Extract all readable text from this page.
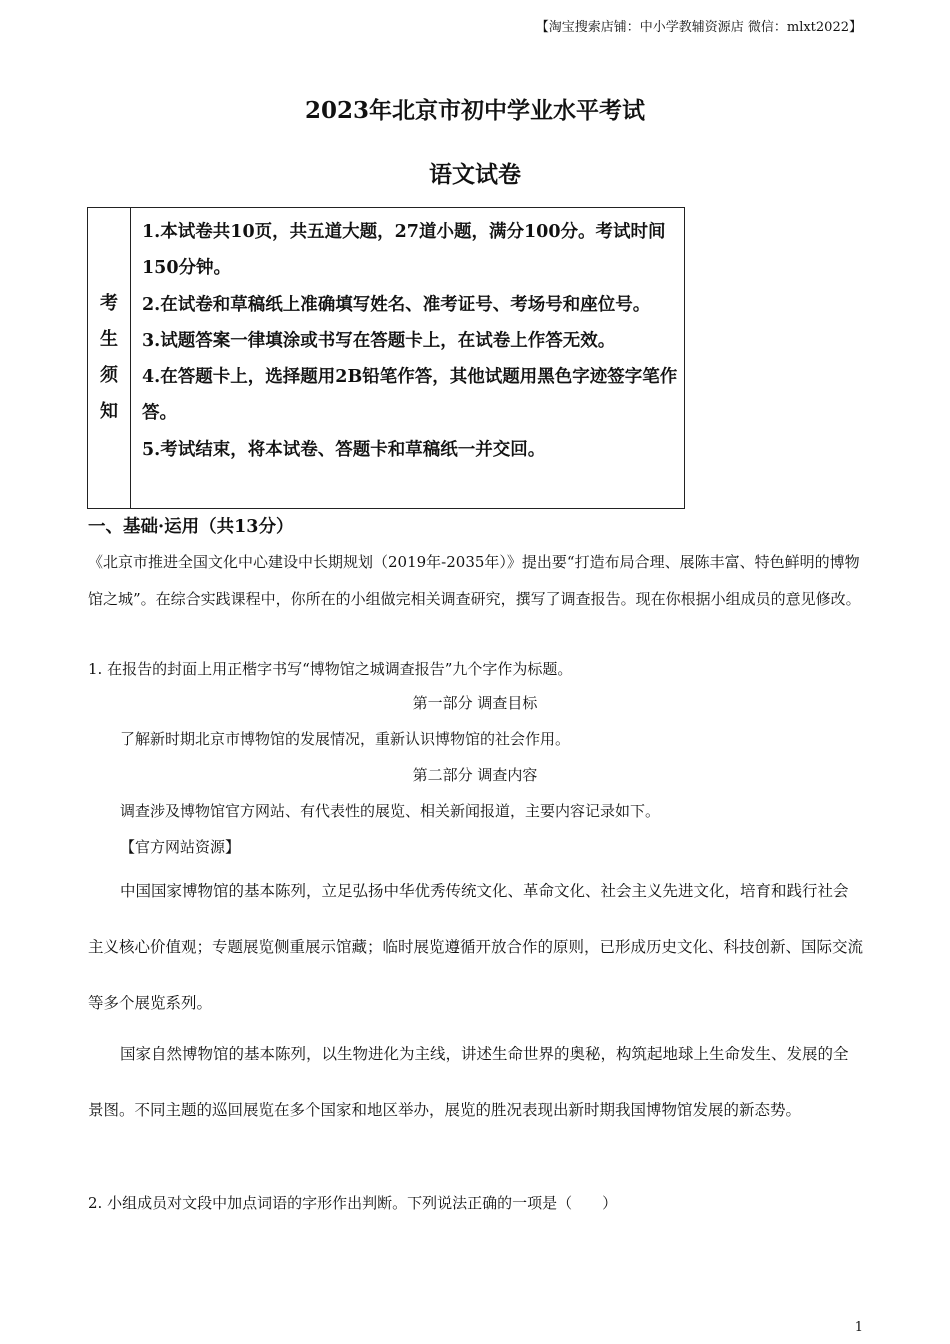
【淘宝搜索店铺：中小学教辅资源店 微信：mlxt2022】
2023年北京市初中学业水平考试
语文试卷
考
生
须
知
1.本试卷共10页，共五道大题，27道小题，满分100分。考试时间150分钟。
2.在试卷和草稿纸上准确填写姓名、准考证号、考场号和座位号。
3.试题答案一律填涂或书写在答题卡上，在试卷上作答无效。
4.在答题卡上，选择题用2B铅笔作答，其他试题用黑色字迹签字笔作答。
5.考试结束，将本试卷、答题卡和草稿纸一并交回。
一、基础·运用（共13分）
《北京市推进全国文化中心建设中长期规划（2019年-2035年）》提出要“打造布局合理、展陈丰富、特色鲜明的博物馆之城”。在综合实践课程中，你所在的小组做完相关调查研究，撰写了调查报告。现在你根据小组成员的意见修改。
1. 在报告的封面上用正楷字书写“博物馆之城调查报告”九个字作为标题。
第一部分 调查目标
了解新时期北京市博物馆的发展情况，重新认识博物馆的社会作用。
第二部分 调查内容
调查涉及博物馆官方网站、有代表性的展览、相关新闻报道，主要内容记录如下。
【官方网站资源】
中国国家博物馆的基本陈列，立足弘扬中华优秀传统文化、革命文化、社会主义先进文化，培育和践行社会主义核心价值观；专题展览侧重展示馆藏；临时展览遵循开放合作的原则，已形成历史文化、科技创新、国际交流等多个展览系列。
国家自然博物馆的基本陈列，以生物进化为主线，讲述生命世界的奥秘，构筑起地球上生命发生、发展的全景图。不同主题的巡回展览在多个国家和地区举办，展览的胜况表现出新时期我国博物馆发展的新态势。
2. 小组成员对文段中加点词语的字形作出判断。下列说法正确的一项是（　　）
1
